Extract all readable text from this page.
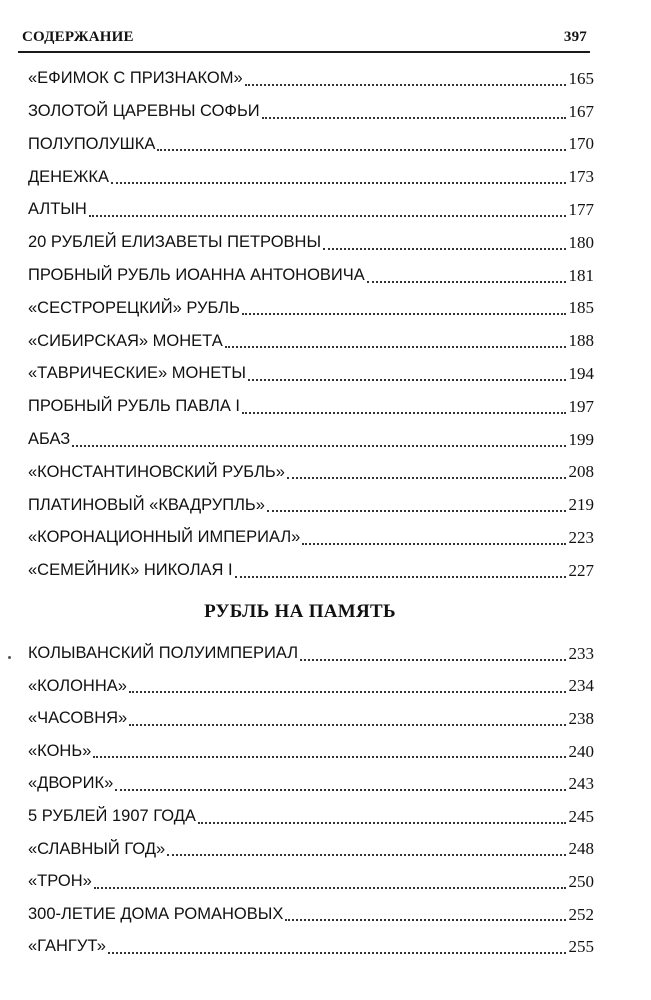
СОДЕРЖАНИЕ	397
«ЕФИМОК С ПРИЗНАКОМ»	165
ЗОЛОТОЙ ЦАРЕВНЫ СОФЬИ	167
ПОЛУПОЛУШКА	170
ДЕНЕЖКА	173
АЛТЫН	177
20 РУБЛЕЙ ЕЛИЗАВЕТЫ ПЕТРОВНЫ	180
ПРОБНЫЙ РУБЛЬ ИОАННА АНТОНОВИЧА	181
«СЕСТРОРЕЦКИЙ» РУБЛЬ	185
«СИБИРСКАЯ» МОНЕТА	188
«ТАВРИЧЕСКИЕ» МОНЕТЫ	194
ПРОБНЫЙ РУБЛЬ ПАВЛА I	197
АБАЗ	199
«КОНСТАНТИНОВСКИЙ РУБЛЬ»	208
ПЛАТИНОВЫЙ «КВАДРУПЛЬ»	219
«КОРОНАЦИОННЫЙ ИМПЕРИАЛ»	223
«СЕМЕЙНИК» НИКОЛАЯ I	227
РУБЛЬ НА ПАМЯТЬ
КОЛЫВАНСКИЙ ПОЛУИМПЕРИАЛ	233
«КОЛОННА»	234
«ЧАСОВНЯ»	238
«КОНЬ»	240
«ДВОРИК»	243
5 РУБЛЕЙ 1907 ГОДА	245
«СЛАВНЫЙ ГОД»	248
«ТРОН»	250
300-ЛЕТИЕ ДОМА РОМАНОВЫХ	252
«ГАНГУТ»	255
